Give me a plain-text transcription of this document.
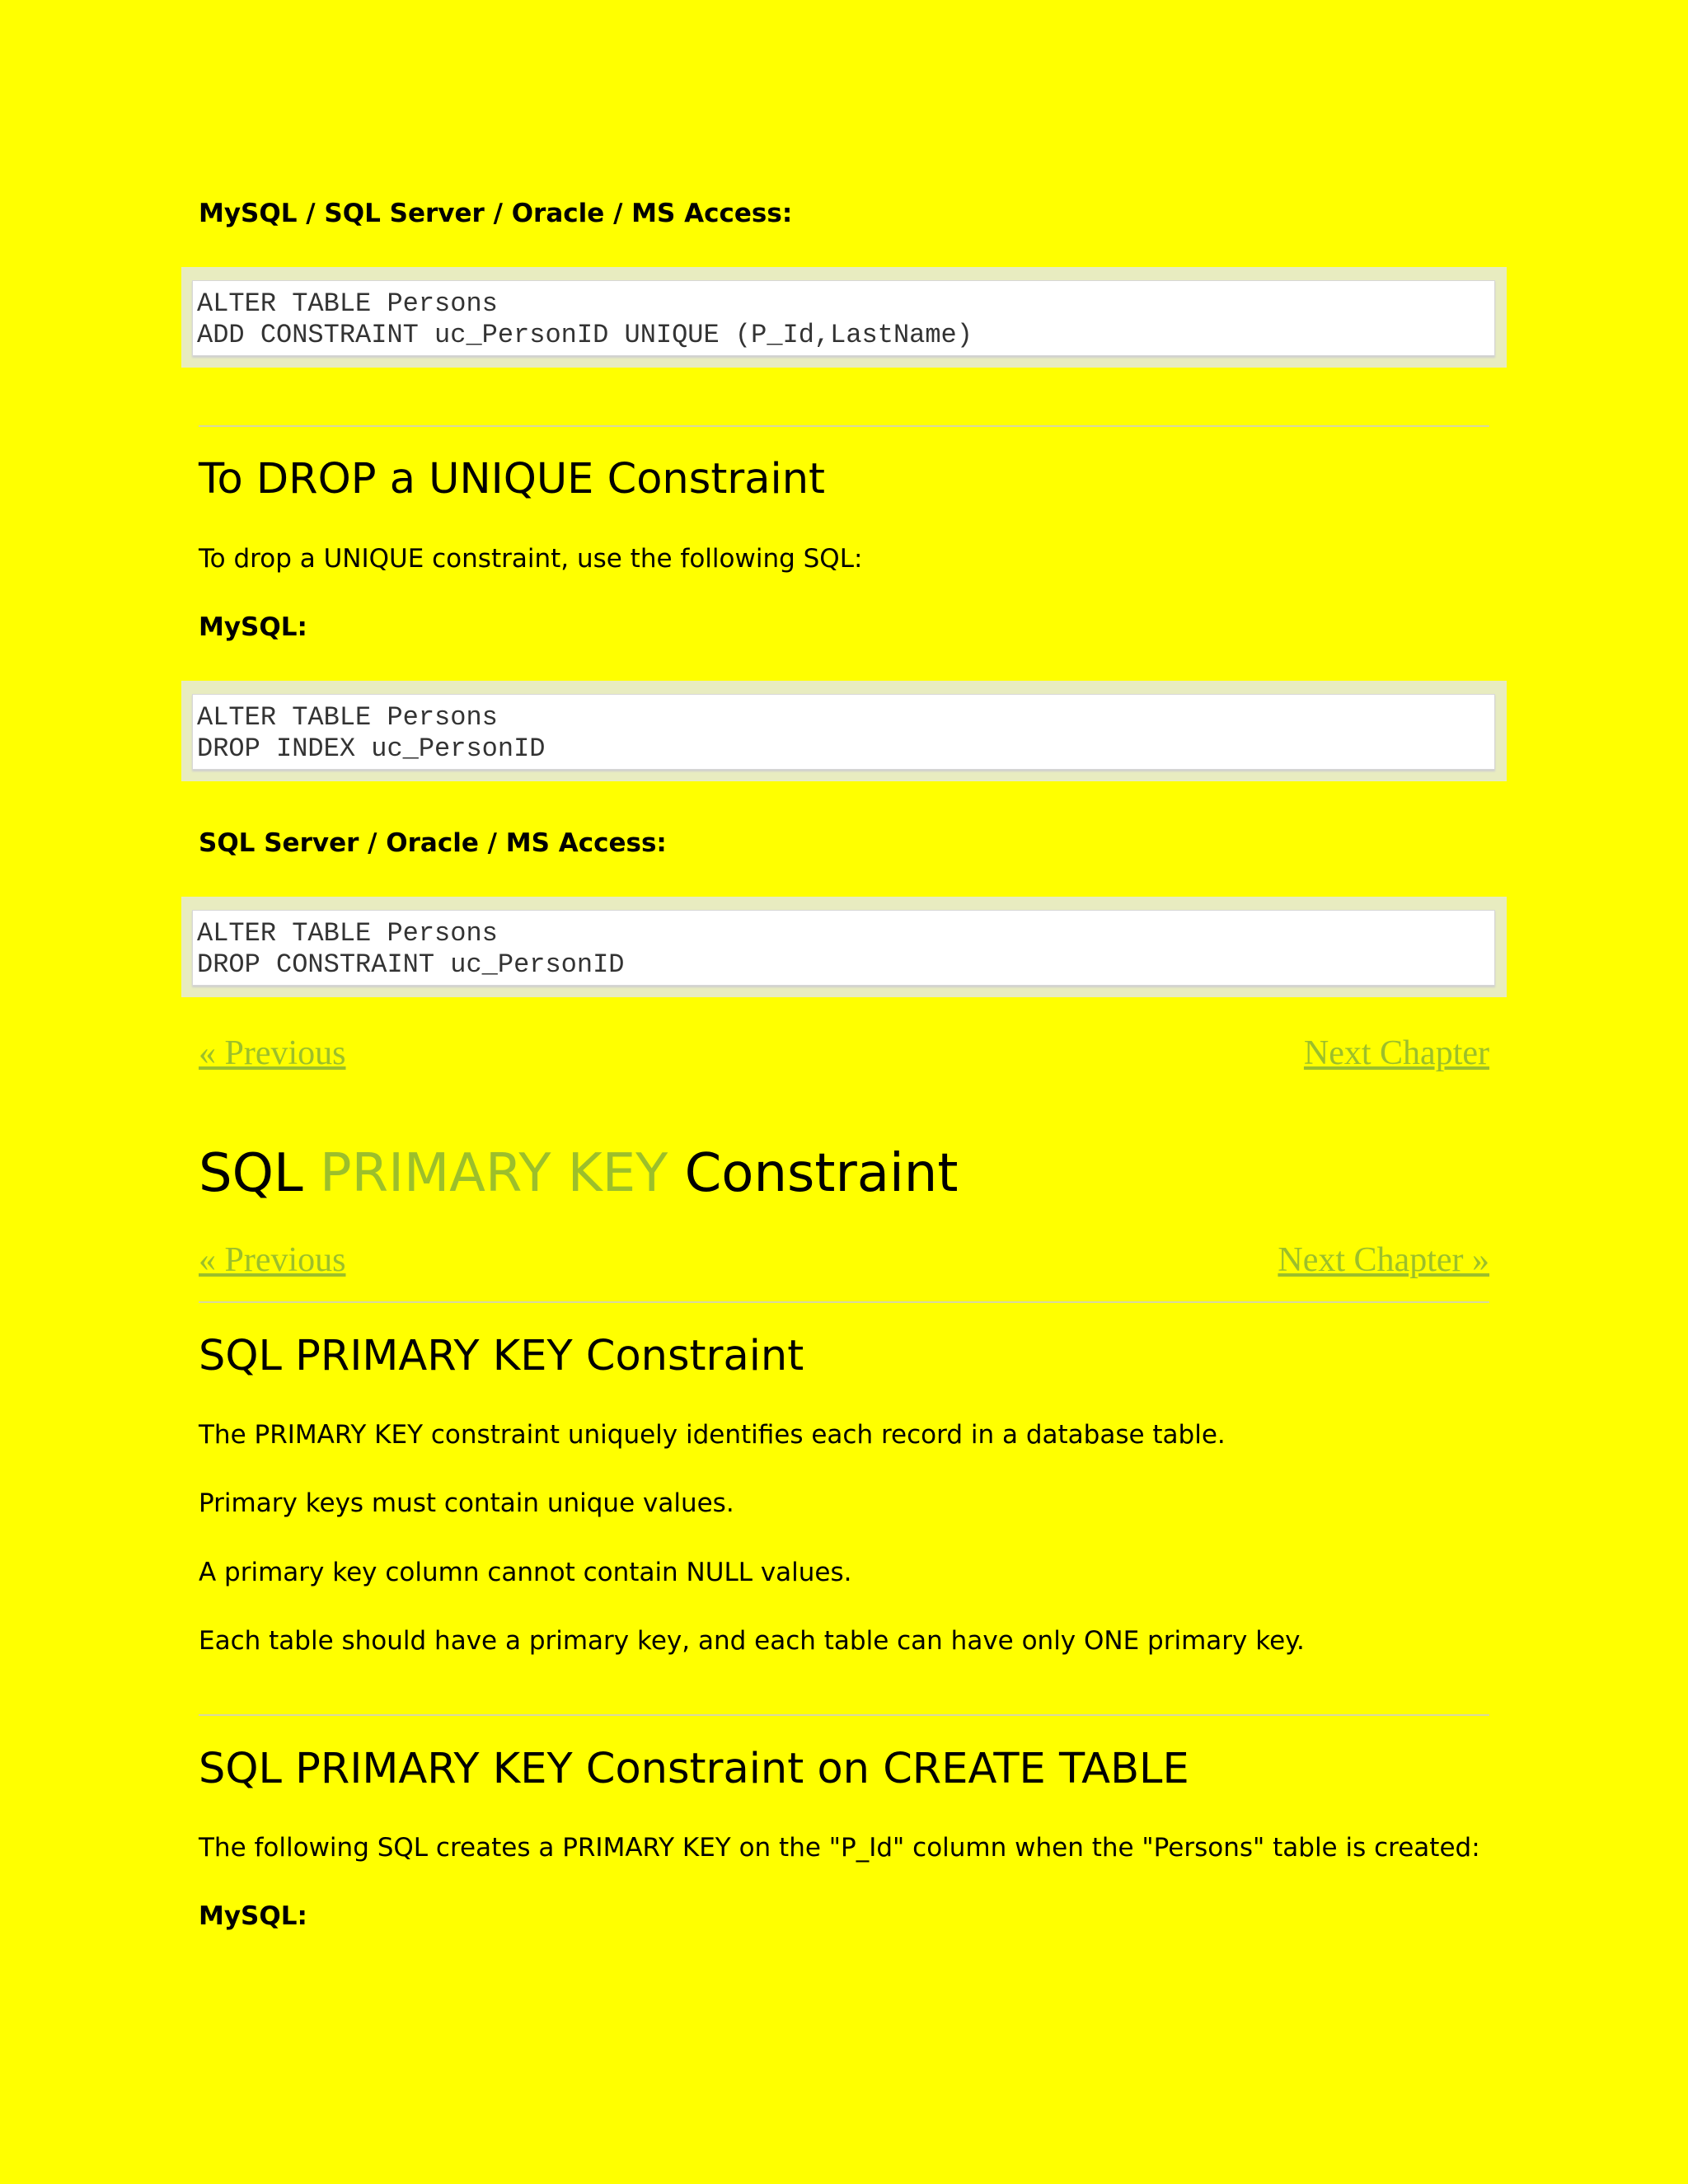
MySQL / SQL Server / Oracle / MS Access:
ALTER TABLE Persons
ADD CONSTRAINT uc_PersonID UNIQUE (P_Id,LastName)
To DROP a UNIQUE Constraint
To drop a UNIQUE constraint, use the following SQL:
MySQL:
ALTER TABLE Persons
DROP INDEX uc_PersonID
SQL Server / Oracle / MS Access:
ALTER TABLE Persons
DROP CONSTRAINT uc_PersonID
« Previous	Next Chapter
SQL PRIMARY KEY Constraint
« Previous	Next Chapter »
SQL PRIMARY KEY Constraint
The PRIMARY KEY constraint uniquely identifies each record in a database table.
Primary keys must contain unique values.
A primary key column cannot contain NULL values.
Each table should have a primary key, and each table can have only ONE primary key.
SQL PRIMARY KEY Constraint on CREATE TABLE
The following SQL creates a PRIMARY KEY on the "P_Id" column when the "Persons" table is created:
MySQL:
